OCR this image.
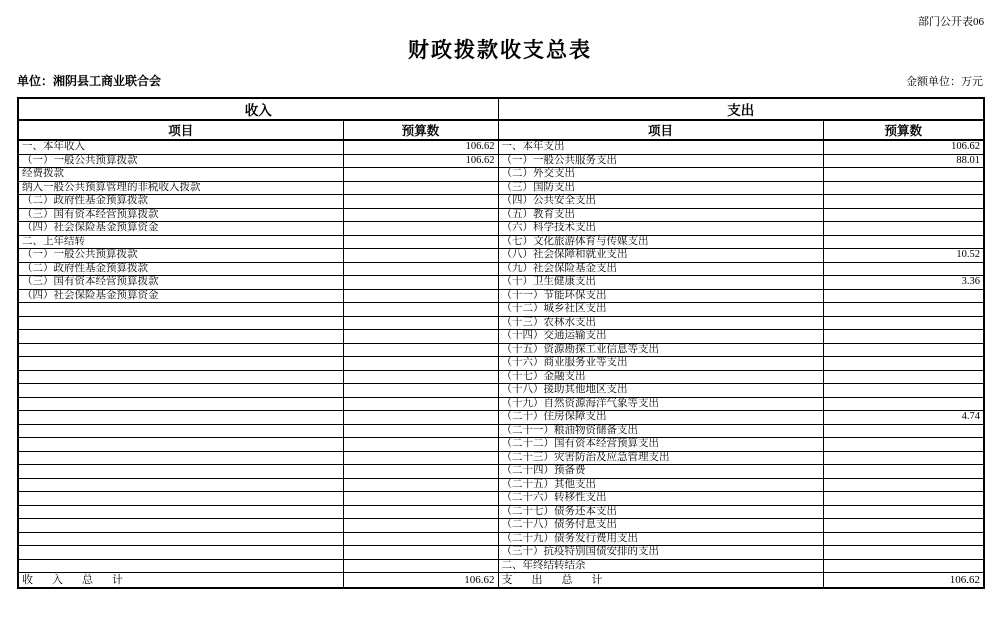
部门公开表06
财政拨款收支总表
单位：湘阴县工商业联合会	金额单位：万元
收入		支出	
项目	预算数	项目	预算数
一、本年收入	106.62	一、本年支出	106.62
（一）一般公共预算拨款	106.62	（一）一般公共服务支出	88.01
经费拨款		（二）外交支出	
纳入一般公共预算管理的非税收入拨款		（三）国防支出	
（二）政府性基金预算拨款		（四）公共安全支出	
（三）国有资本经营预算拨款		（五）教育支出	
（四）社会保险基金预算资金		（六）科学技术支出	
二、上年结转		（七）文化旅游体育与传媒支出	
（一）一般公共预算拨款		（八）社会保障和就业支出	10.52
（二）政府性基金预算拨款		（九）社会保险基金支出	
（三）国有资本经营预算拨款		（十）卫生健康支出	3.36
（四）社会保险基金预算资金		（十一）节能环保支出	
		（十二）城乡社区支出	
		（十三）农林水支出	
		（十四）交通运输支出	
		（十五）资源勘探工业信息等支出	
		（十六）商业服务业等支出	
		（十七）金融支出	
		（十八）援助其他地区支出	
		（十九）自然资源海洋气象等支出	
		（二十）住房保障支出	4.74
		（二十一）粮油物资储备支出	
		（二十二）国有资本经营预算支出	
		（二十三）灾害防治及应急管理支出	
		（二十四）预备费	
		（二十五）其他支出	
		（二十六）转移性支出	
		（二十七）债务还本支出	
		（二十八）债务付息支出	
		（二十九）债务发行费用支出	
		（三十）抗疫特别国债安排的支出	
		二、年终结转结余	
收　入　总　计	106.62	支　出　总　计	106.62
